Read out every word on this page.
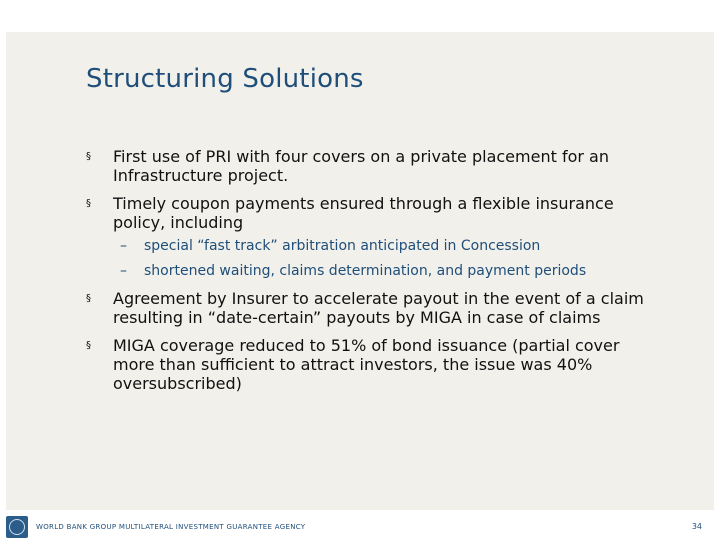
Structuring Solutions
§	First use of PRI with four covers on a private placement for an Infrastructure project.
§	Timely coupon payments ensured through a flexible insurance policy, including
– special “fast track” arbitration anticipated in Concession
– shortened waiting, claims determination, and payment periods
§	Agreement by Insurer to accelerate payout in the event of a claim resulting in “date-certain” payouts by MIGA in case of claims
§	MIGA coverage reduced to 51% of bond issuance (partial cover more than sufficient to attract investors, the issue was 40% oversubscribed)
WORLD BANK GROUP MULTILATERAL INVESTMENT GUARANTEE AGENCY	34
